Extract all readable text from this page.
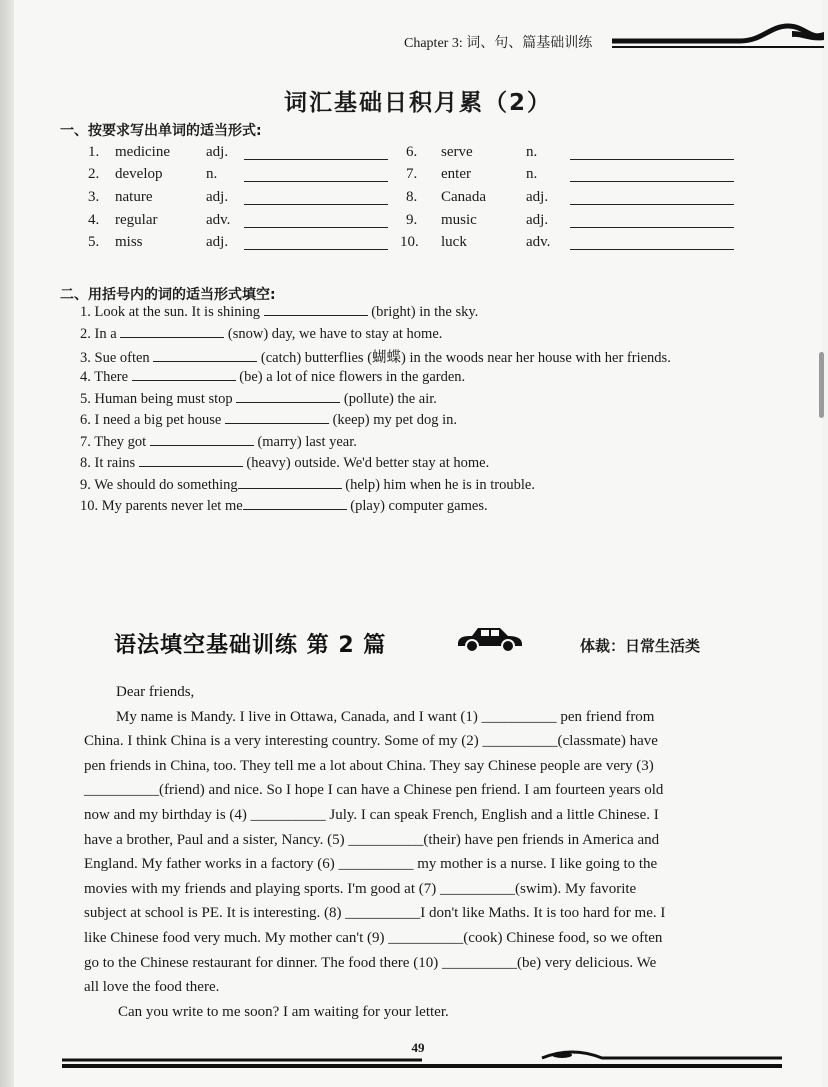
Chapter 3: 词、句、篇基础训练
词汇基础日积月累（2）
一、按要求写出单词的适当形式:
1. medicine adj.	6. serve	n.
2. develop	n.	7. enter	n.
3. nature	adj.	8. Canada	adj.
4. regular	adv.	9. music	adj.
5. miss	adj.	10. luck	adv.
二、用括号内的词的适当形式填空:
1. Look at the sun. It is shining	(bright) in the sky.
2. In a	(snow) day, we have to stay at home.
3. Sue often	(catch) butterflies (蝴蝶) in the woods near her house with her friends.
4. There	(be) a lot of nice flowers in the garden.
5. Human being must stop	(pollute) the air.
6. I need a big pet house	(keep) my pet dog in.
7. They got	(marry) last year.
8. It rains	(heavy) outside. We'd better stay at home.
9. We should do something	(help) him when he is in trouble.
10. My parents never let me	(play) computer games.
语法填空基础训练 第 2 篇	体裁：日常生活类

Dear friends,

My name is Mandy. I live in Ottawa, Canada, and I want (1) __________ pen friend from

China. I think China is a very interesting country. Some of my (2) __________(classmate) have

pen friends in China, too. They tell me a lot about China. They say Chinese people are very (3)

__________(friend) and nice. So I hope I can have a Chinese pen friend. I am fourteen years old

now and my birthday is (4) __________ July. I can speak French, English and a little Chinese. I

have a brother, Paul and a sister, Nancy. (5) __________(their) have pen friends in America and

England. My father works in a factory (6) __________ my mother is a nurse. I like going to the

movies with my friends and playing sports. I'm good at (7) __________(swim). My favorite

subject at school is PE. It is interesting. (8) __________I don't like Maths. It is too hard for me. I

like Chinese food very much. My mother can't (9) __________(cook) Chinese food, so we often

go to the Chinese restaurant for dinner. The food there (10) __________(be) very delicious. We

all love the food there.

Can you write to me soon? I am waiting for your letter.

49
